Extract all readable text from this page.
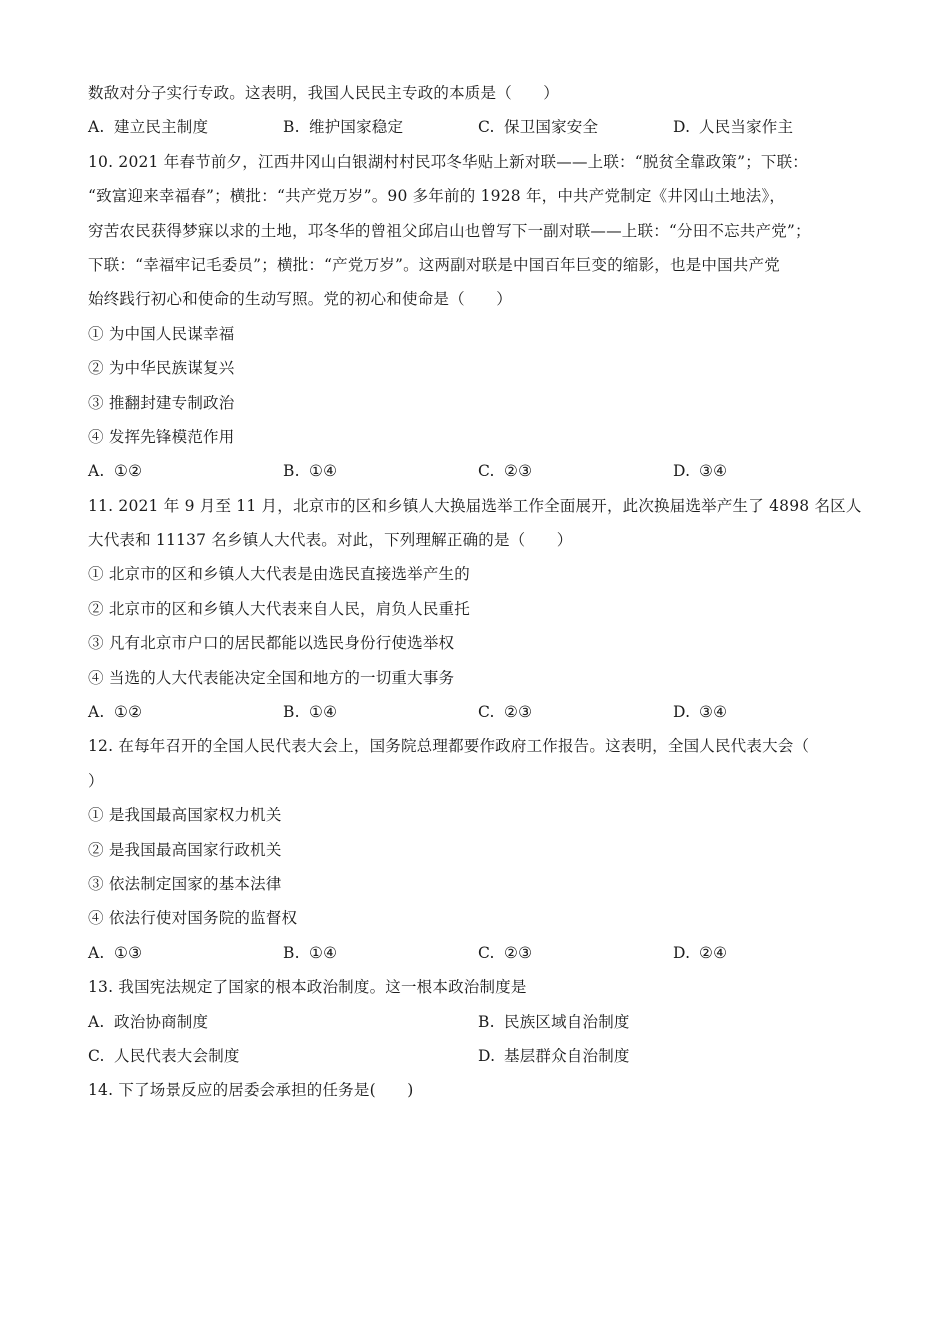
数敌对分子实行专政。这表明，我国人民民主专政的本质是（　　）
A. 建立民主制度	B. 维护国家稳定	C. 保卫国家安全	D. 人民当家作主
10. 2021 年春节前夕，江西井冈山白银湖村村民邛冬华贴上新对联——上联：“脱贫全靠政策”；下联：
“致富迎来幸福春”；横批：“共产党万岁”。90 多年前的 1928 年，中共产党制定《井冈山土地法》，
穷苦农民获得梦寐以求的土地，邛冬华的曾祖父邱启山也曾写下一副对联——上联：“分田不忘共产党”；
下联：“幸福牢记毛委员”；横批：“产党万岁”。这两副对联是中国百年巨变的缩影，也是中国共产党
始终践行初心和使命的生动写照。党的初心和使命是（　　）
① 为中国人民谋幸福
② 为中华民族谋复兴
③ 推翻封建专制政治
④ 发挥先锋模范作用
A. ①②	B. ①④	C. ②③	D. ③④
11. 2021 年 9 月至 11 月，北京市的区和乡镇人大换届选举工作全面展开，此次换届选举产生了 4898 名区人
大代表和 11137 名乡镇人大代表。对此，下列理解正确的是（　　）
① 北京市的区和乡镇人大代表是由选民直接选举产生的
② 北京市的区和乡镇人大代表来自人民，肩负人民重托
③ 凡有北京市户口的居民都能以选民身份行使选举权
④ 当选的人大代表能决定全国和地方的一切重大事务
A. ①②	B. ①④	C. ②③	D. ③④
12. 在每年召开的全国人民代表大会上，国务院总理都要作政府工作报告。这表明，全国人民代表大会（
）
① 是我国最高国家权力机关
② 是我国最高国家行政机关
③ 依法制定国家的基本法律
④ 依法行使对国务院的监督权
A. ①③	B. ①④	C. ②③	D. ②④
13. 我国宪法规定了国家的根本政治制度。这一根本政治制度是
A. 政治协商制度	B. 民族区域自治制度
C. 人民代表大会制度	D. 基层群众自治制度
14. 下了场景反应的居委会承担的任务是(　　)
